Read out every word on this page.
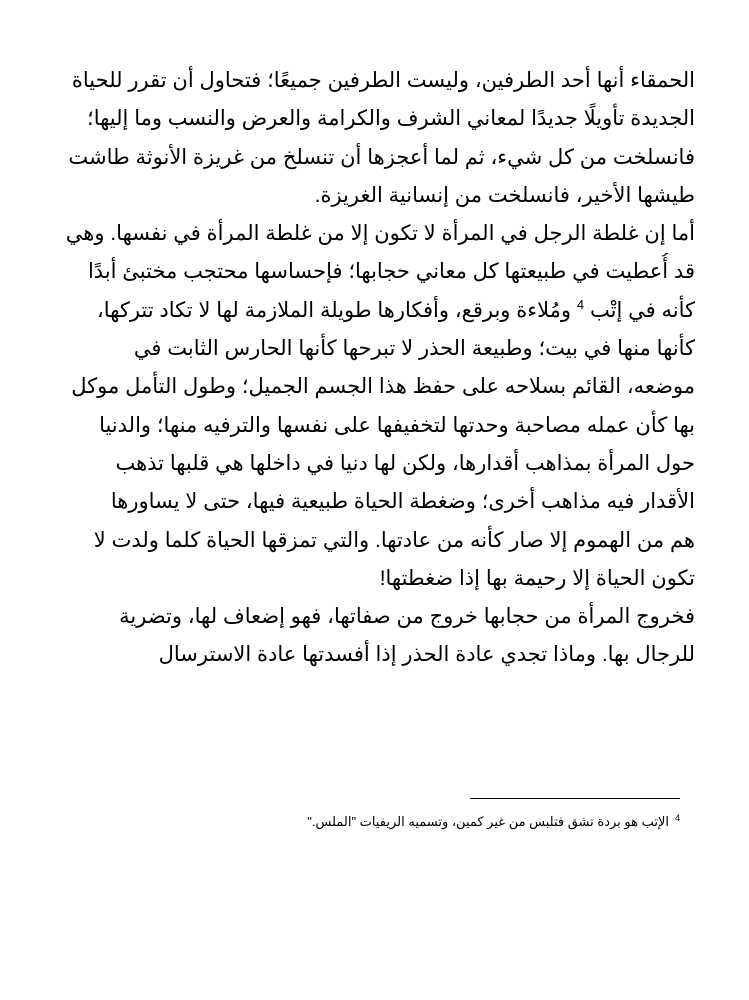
الحمقاء أنها أحد الطرفين، وليست الطرفين جميعًا؛ فتحاول أن تقرر للحياة
الجديدة تأويلًا جديدًا لمعاني الشرف والكرامة والعرض والنسب وما إليها؛
فانسلخت من كل شيء، ثم لما أعجزها أن تنسلخ من غريزة الأنوثة طاشت
طيشها الأخير، فانسلخت من إنسانية الغريزة.
أما إن غلطة الرجل في المرأة لا تكون إلا من غلطة المرأة في نفسها. وهي
قد أُعطيت في طبيعتها كل معاني حجابها؛ فإحساسها محتجب مختبئ أبدًا
كأنه في إتْب $^4$ ومُلاءة وبرقع، وأفكارها طويلة الملازمة لها لا تكاد تتركها،
كأنها منها في بيت؛ وطبيعة الحذر لا تبرحها كأنها الحارس الثابت في
موضعه، القائم بسلاحه على حفظ هذا الجسم الجميل؛ وطول التأمل موكل
بها كأن عمله مصاحبة وحدتها لتخفيفها على نفسها والترفيه منها؛ والدنيا
حول المرأة بمذاهب أقدارها، ولكن لها دنيا في داخلها هي قلبها تذهب
الأقدار فيه مذاهب أخرى؛ وضغطة الحياة طبيعية فيها، حتى لا يساورها
هم من الهموم إلا صار كأنه من عادتها. والتي تمزقها الحياة كلما ولدت لا
تكون الحياة إلا رحيمة بها إذا ضغطتها!
فخروج المرأة من حجابها خروج من صفاتها، فهو إضعاف لها، وتضرية
للرجال بها. وماذا تجدي عادة الحذر إذا أفسدتها عادة الاسترسال
$^4$الإتب هو بردة تشق فتلبس من غير كمين، وتسميه الريفيات "الملس."
